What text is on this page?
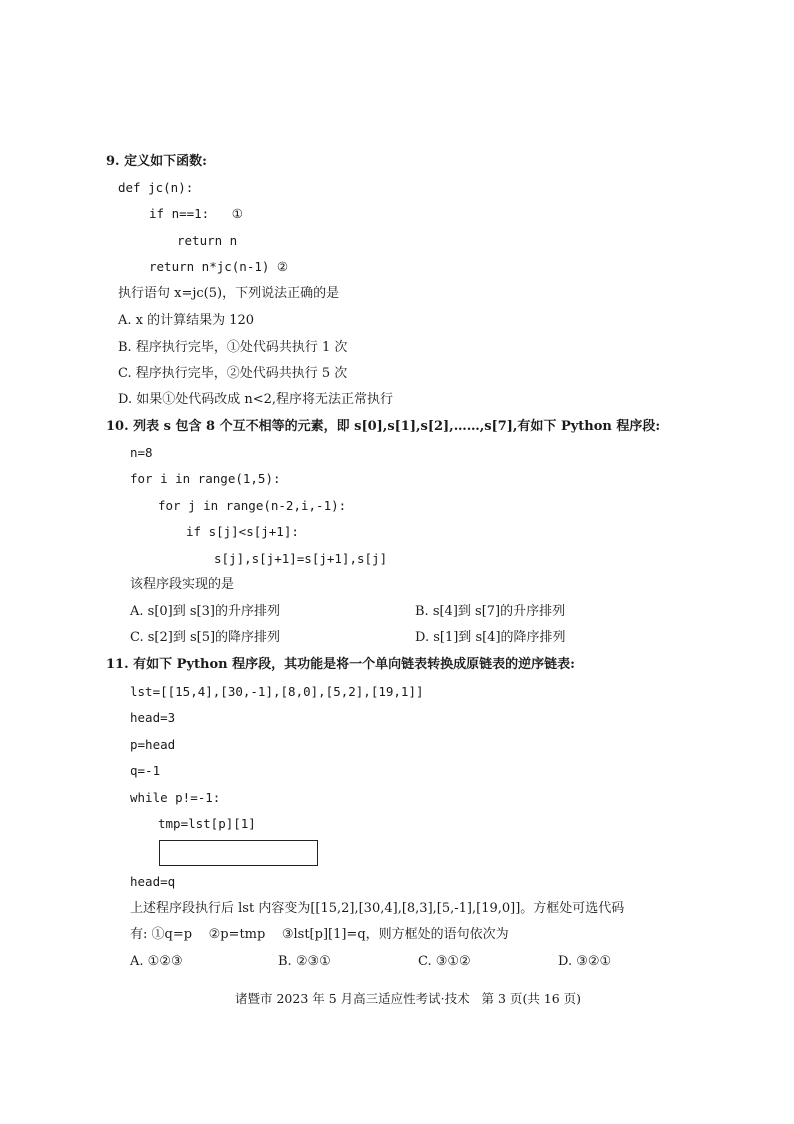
9. 定义如下函数:
def jc(n):
if n==1:   ①
return n
return n*jc(n-1) ②
执行语句 x=jc(5)，下列说法正确的是
A. x 的计算结果为 120
B. 程序执行完毕，①处代码共执行 1 次
C. 程序执行完毕，②处代码共执行 5 次
D. 如果①处代码改成 n<2,程序将无法正常执行
10. 列表 s 包含 8 个互不相等的元素，即 s[0],s[1],s[2],……,s[7],有如下 Python 程序段:
n=8
for i in range(1,5):
for j in range(n-2,i,-1):
if s[j]<s[j+1]:
s[j],s[j+1]=s[j+1],s[j]
该程序段实现的是
A. s[0]到 s[3]的升序排列	B. s[4]到 s[7]的升序排列
C. s[2]到 s[5]的降序排列	D. s[1]到 s[4]的降序排列
11. 有如下 Python 程序段，其功能是将一个单向链表转换成原链表的逆序链表:
lst=[[15,4],[30,-1],[8,0],[5,2],[19,1]]
head=3
p=head
q=-1
while p!=-1:
tmp=lst[p][1]
head=q
上述程序段执行后 lst 内容变为[[15,2],[30,4],[8,3],[5,-1],[19,0]]。方框处可选代码
有: ①q=p    ②p=tmp    ③lst[p][1]=q，则方框处的语句依次为
A. ①②③	B. ②③①	C. ③①②	D. ③②①
诸暨市 2023 年 5 月高三适应性考试·技术   第 3 页(共 16 页)
